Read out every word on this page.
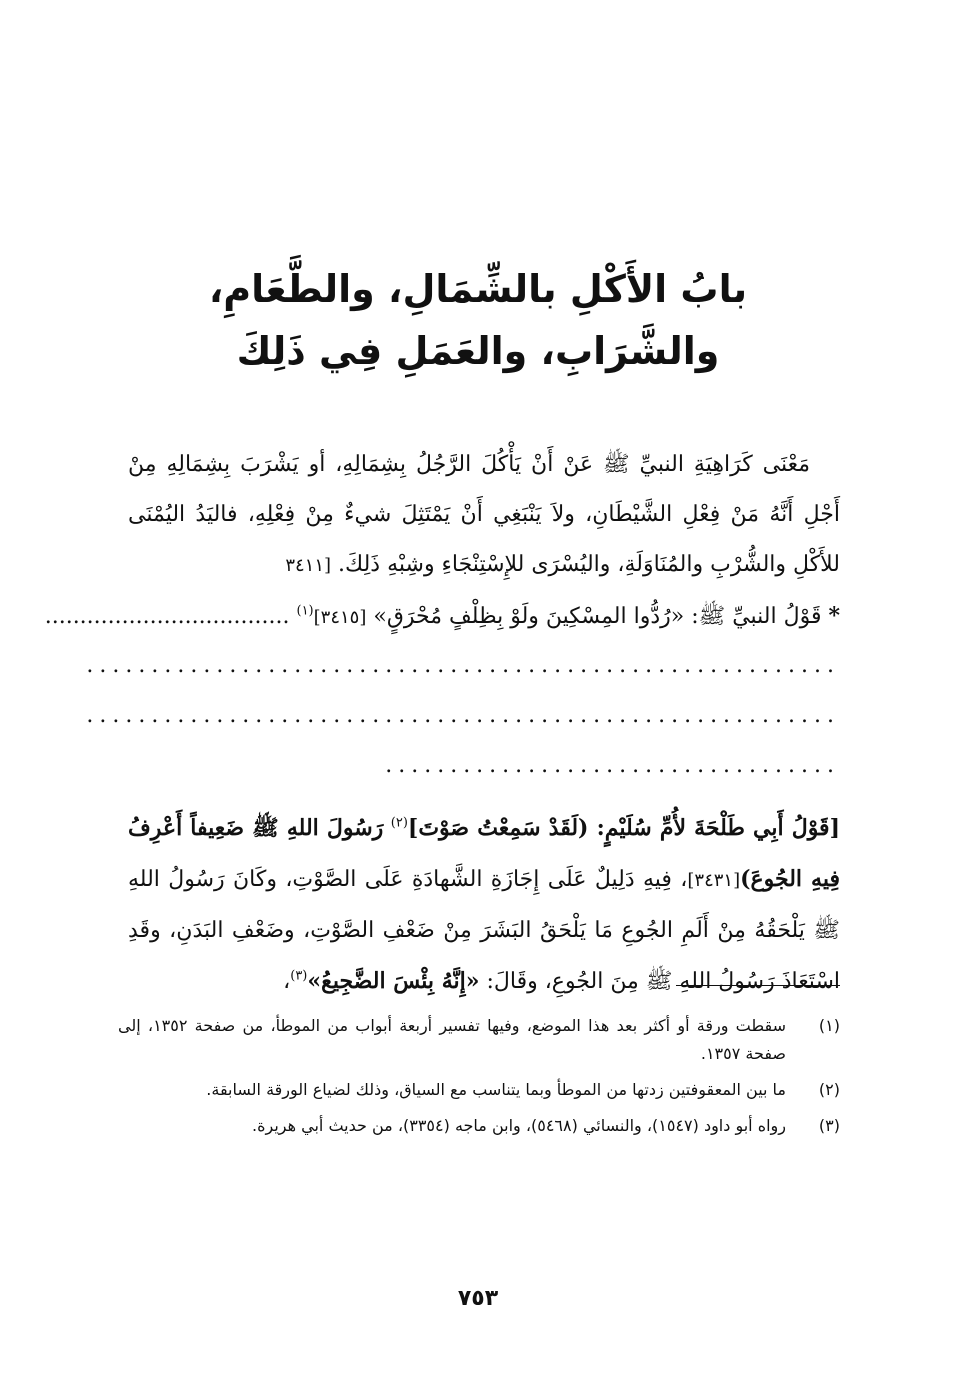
بابُ الأَكْلِ بالشِّمَالِ، والطَّعَامِ،
والشَّرَابِ، والعَمَلِ فِي ذَلِكَ

مَعْنَى كَرَاهِيَةِ النبيِّ ﷺ عَنْ أَنْ يَأْكُلَ الرَّجُلُ بِشِمَالِهِ، أو يَشْرَبَ بِشِمَالِهِ مِنْ أَجْلِ أَنَّهُ مَنْ فِعْلِ الشَّيْطَانِ، ولاَ يَنْبَغِي أَنْ يَمْتَثِلَ شيءٌ مِنْ فِعْلِهِ، فاليَدُ اليُمْنَى للأَكْلِ والشُّرْبِ والمُنَاوَلَةِ، واليُسْرَى للإِسْتِنْجَاءِ وشِبْهِ ذَلِكَ. [٣٤١١

* قَوْلُ النبيِّ ﷺ: «رُدُّوا المِسْكِينَ ولَوْ بِظِلْفٍ مُحْرَقٍ» [٣٤١٥]$^{(١)}$ ...................................
..........................................................
..........................................................
...................................

[قَوْلُ أَبِي طَلْحَةَ لأُمِّ سُلَيْمٍ: (لَقَدْ سَمِعْتُ صَوْتَ]$^{(٢)}$ رَسُولَ اللهِ ﷺ ضَعِيفاً أَعْرِفُ فِيهِ الجُوعَ)[٣٤٣١]، فِيهِ دَلِيلٌ عَلَى إِجَازَةِ الشَّهادَةِ عَلَى الصَّوْتِ، وكَانَ رَسُولُ اللهِ ﷺ يَلْحَقُهُ مِنْ أَلَمِ الجُوعِ مَا يَلْحَقُ البَشَرَ مِنْ ضَعْفِ الصَّوْتِ، وضَعْفِ البَدَنِ، وقَدِ اسْتَعَاذَ رَسُولُ اللهِ ﷺ مِنَ الجُوعِ، وقَالَ: «إِنَّهُ بِئْسَ الضَّجِيعُ»$^{(٣)}$،

(١)
سقطت ورقة أو أكثر بعد هذا الموضع، وفيها تفسير أربعة أبواب من الموطأ، من صفحة ١٣٥٢، إلى صفحة ١٣٥٧.
(٢)
ما بين المعقوفتين زدتها من الموطأ وبما يتناسب مع السياق، وذلك لضياع الورقة السابقة.
(٣)
رواه أبو داود (١٥٤٧)، والنسائي (٥٤٦٨)، وابن ماجه (٣٣٥٤)، من حديث أبي هريرة.
٧٥٣
